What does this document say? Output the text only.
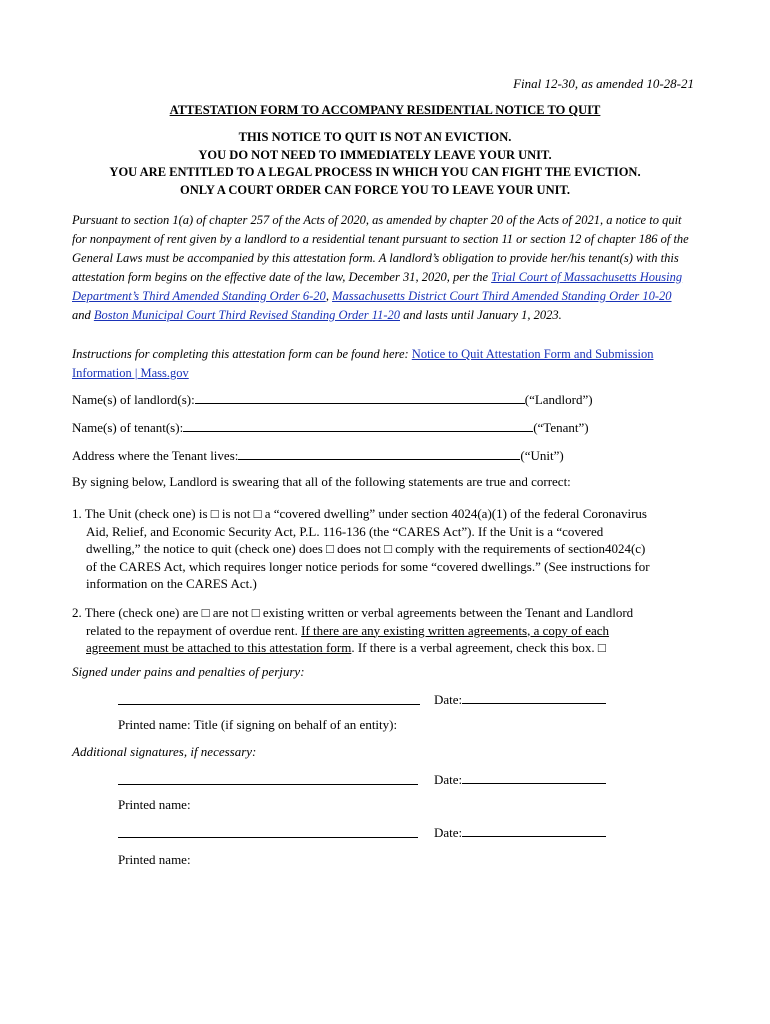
Final 12-30, as amended 10-28-21
ATTESTATION FORM TO ACCOMPANY RESIDENTIAL NOTICE TO QUIT
THIS NOTICE TO QUIT IS NOT AN EVICTION.
YOU DO NOT NEED TO IMMEDIATELY LEAVE YOUR UNIT.
YOU ARE ENTITLED TO A LEGAL PROCESS IN WHICH YOU CAN FIGHT THE EVICTION.
ONLY A COURT ORDER CAN FORCE YOU TO LEAVE YOUR UNIT.
Pursuant to section 1(a) of chapter 257 of the Acts of 2020, as amended by chapter 20 of the Acts of 2021, a notice to quit for nonpayment of rent given by a landlord to a residential tenant pursuant to section 11 or section 12 of chapter 186 of the General Laws must be accompanied by this attestation form. A landlord’s obligation to provide her/his tenant(s) with this attestation form begins on the effective date of the law, December 31, 2020, per the Trial Court of Massachusetts Housing Department’s Third Amended Standing Order 6-20, Massachusetts District Court Third Amended Standing Order 10-20 and Boston Municipal Court Third Revised Standing Order 11-20 and lasts until January 1, 2023.
Instructions for completing this attestation form can be found here: Notice to Quit Attestation Form and Submission Information | Mass.gov
Name(s) of landlord(s):	(“Landlord”)
Name(s) of tenant(s):	(“Tenant”)
Address where the Tenant lives:	(“Unit”)
By signing below, Landlord is swearing that all of the following statements are true and correct:
1. The Unit (check one) is □ is not □ a “covered dwelling” under section 4024(a)(1) of the federal Coronavirus
Aid, Relief, and Economic Security Act, P.L. 116-136 (the “CARES Act”). If the Unit is a “covered
dwelling,” the notice to quit (check one) does □ does not □ comply with the requirements of section4024(c)
of the CARES Act, which requires longer notice periods for some “covered dwellings.” (See instructions for
information on the CARES Act.)
2. There (check one) are □ are not □ existing written or verbal agreements between the Tenant and Landlord
related to the repayment of overdue rent. If there are any existing written agreements, a copy of each
agreement must be attached to this attestation form. If there is a verbal agreement, check this box. □
Signed under pains and penalties of perjury:
Date:
Printed name: Title (if signing on behalf of an entity):
Additional signatures, if necessary:
Date:
Printed name:
Date:
Printed name:
